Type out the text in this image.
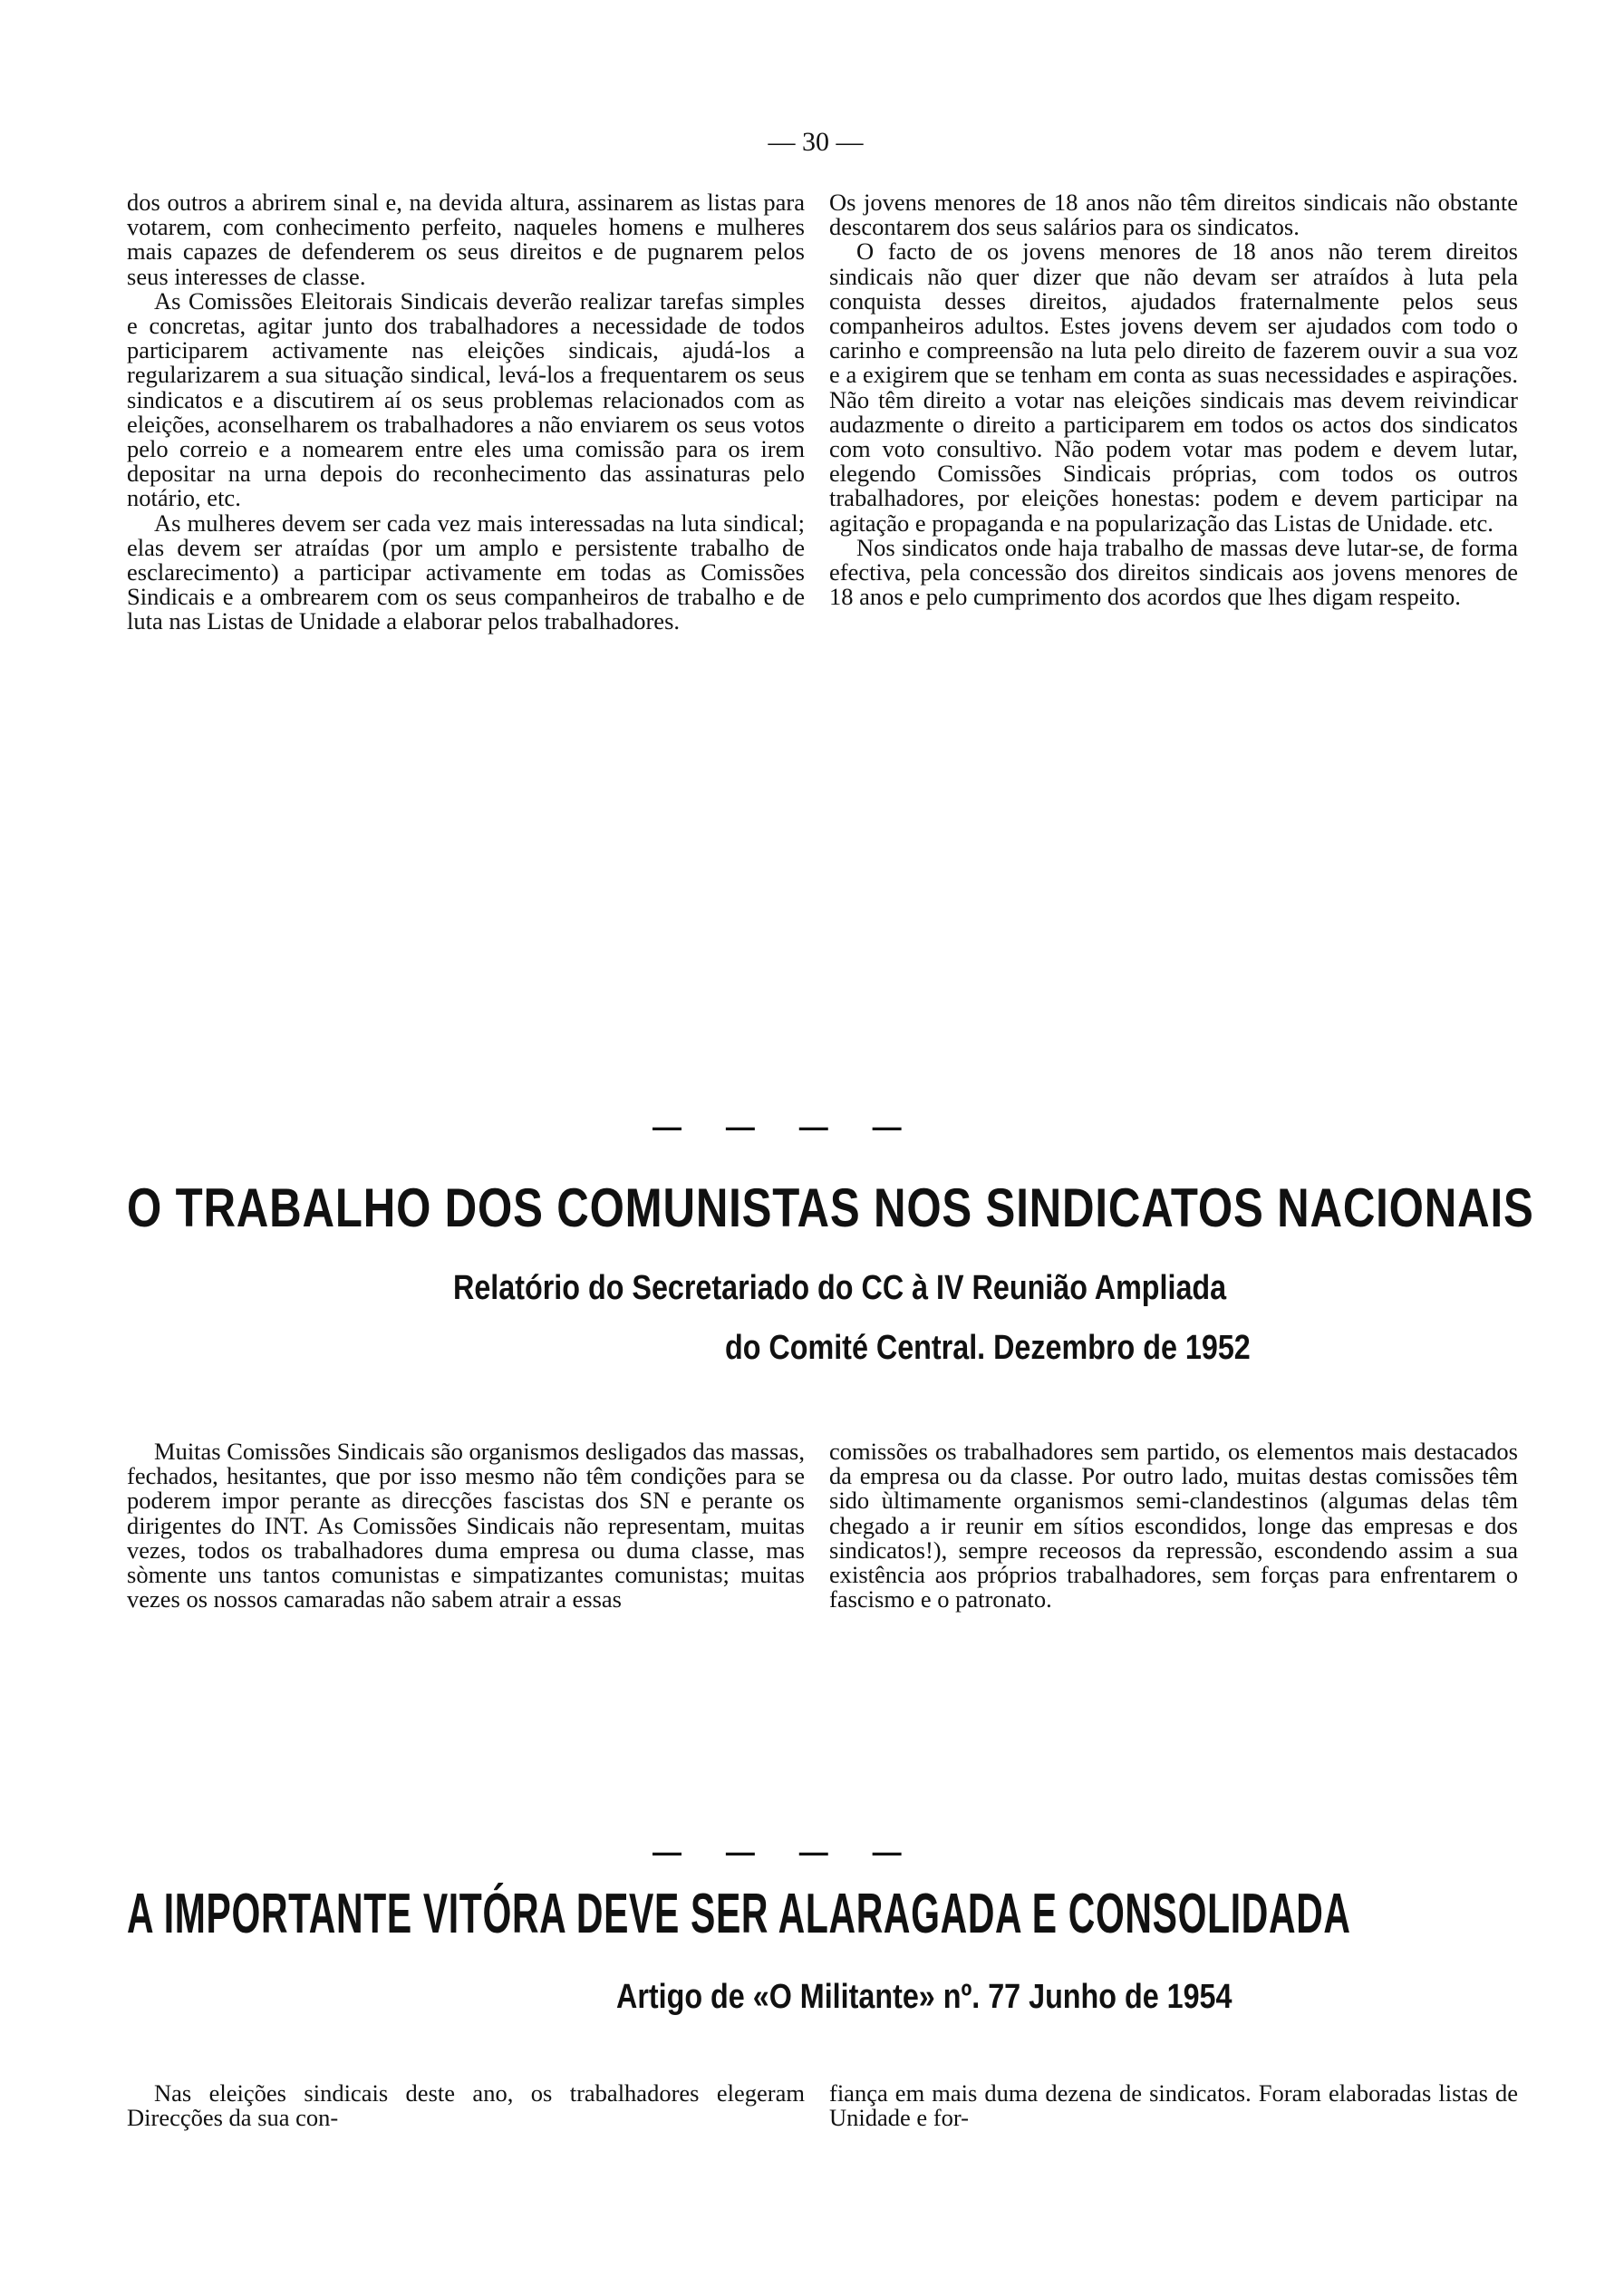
— 30 —

dos outros a abrirem sinal e, na devida altura, assinarem as listas para votarem, com conhecimento perfeito, naqueles homens e mulheres mais capazes de defenderem os seus direitos e de pugnarem pelos seus interesses de classe.

As Comissões Eleitorais Sindicais deverão realizar tarefas simples e concretas, agitar junto dos trabalhadores a necessidade de todos participarem activamente nas eleições sindicais, ajudá-los a regularizarem a sua situação sindical, levá-los a frequentarem os seus sindicatos e a discutirem aí os seus problemas relacionados com as eleições, aconselharem os trabalhadores a não enviarem os seus votos pelo correio e a nomearem entre eles uma comissão para os irem depositar na urna depois do reconhecimento das assinaturas pelo notário, etc.

As mulheres devem ser cada vez mais interessadas na luta sindical; elas devem ser atraídas (por um amplo e persistente trabalho de esclarecimento) a participar activamente em todas as Comissões Sindicais e a ombrearem com os seus companheiros de trabalho e de luta nas Listas de Unidade a elaborar pelos trabalhadores.

Os jovens menores de 18 anos não têm direitos sindicais não obstante descontarem dos seus salários para os sindicatos.

O facto de os jovens menores de 18 anos não terem direitos sindicais não quer dizer que não devam ser atraídos à luta pela conquista desses direitos, ajudados fraternalmente pelos seus companheiros adultos. Estes jovens devem ser ajudados com todo o carinho e compreensão na luta pelo direito de fazerem ouvir a sua voz e a exigirem que se tenham em conta as suas necessidades e aspirações. Não têm direito a votar nas eleições sindicais mas devem reivindicar audazmente o direito a participarem em todos os actos dos sindicatos com voto consultivo. Não podem votar mas podem e devem lutar, elegendo Comissões Sindicais próprias, com todos os outros trabalhadores, por eleições honestas: podem e devem participar na agitação e propaganda e na popularização das Listas de Unidade. etc.

Nos sindicatos onde haja trabalho de massas deve lutar-se, de forma efectiva, pela concessão dos direitos sindicais aos jovens menores de 18 anos e pelo cumprimento dos acordos que lhes digam respeito.

— — — —
O TRABALHO DOS COMUNISTAS NOS SINDICATOS NACIONAIS
Relatório do Secretariado do CC à IV Reunião Ampliada
do Comité Central. Dezembro de 1952

Muitas Comissões Sindicais são organismos desligados das massas, fechados, hesitantes, que por isso mesmo não têm condições para se poderem impor perante as direcções fascistas dos SN e perante os dirigentes do INT. As Comissões Sindicais não representam, muitas vezes, todos os trabalhadores duma empresa ou duma classe, mas sòmente uns tantos comunistas e simpatizantes comunistas; muitas vezes os nossos camaradas não sabem atrair a essas

comissões os trabalhadores sem partido, os elementos mais destacados da empresa ou da classe. Por outro lado, muitas destas comissões têm sido ùltimamente organismos semi-clandestinos (algumas delas têm chegado a ir reunir em sítios escondidos, longe das empresas e dos sindicatos!), sempre receosos da repressão, escondendo assim a sua existência aos próprios trabalhadores, sem forças para enfrentarem o fascismo e o patronato.

— — — —
A IMPORTANTE VITÓRA DEVE SER ALARAGADA E CONSOLIDADA
Artigo de «O Militante» nº. 77 Junho de 1954

Nas eleições sindicais deste ano, os trabalhadores elegeram Direcções da sua con-

fiança em mais duma dezena de sindicatos. Foram elaboradas listas de Unidade e for-
